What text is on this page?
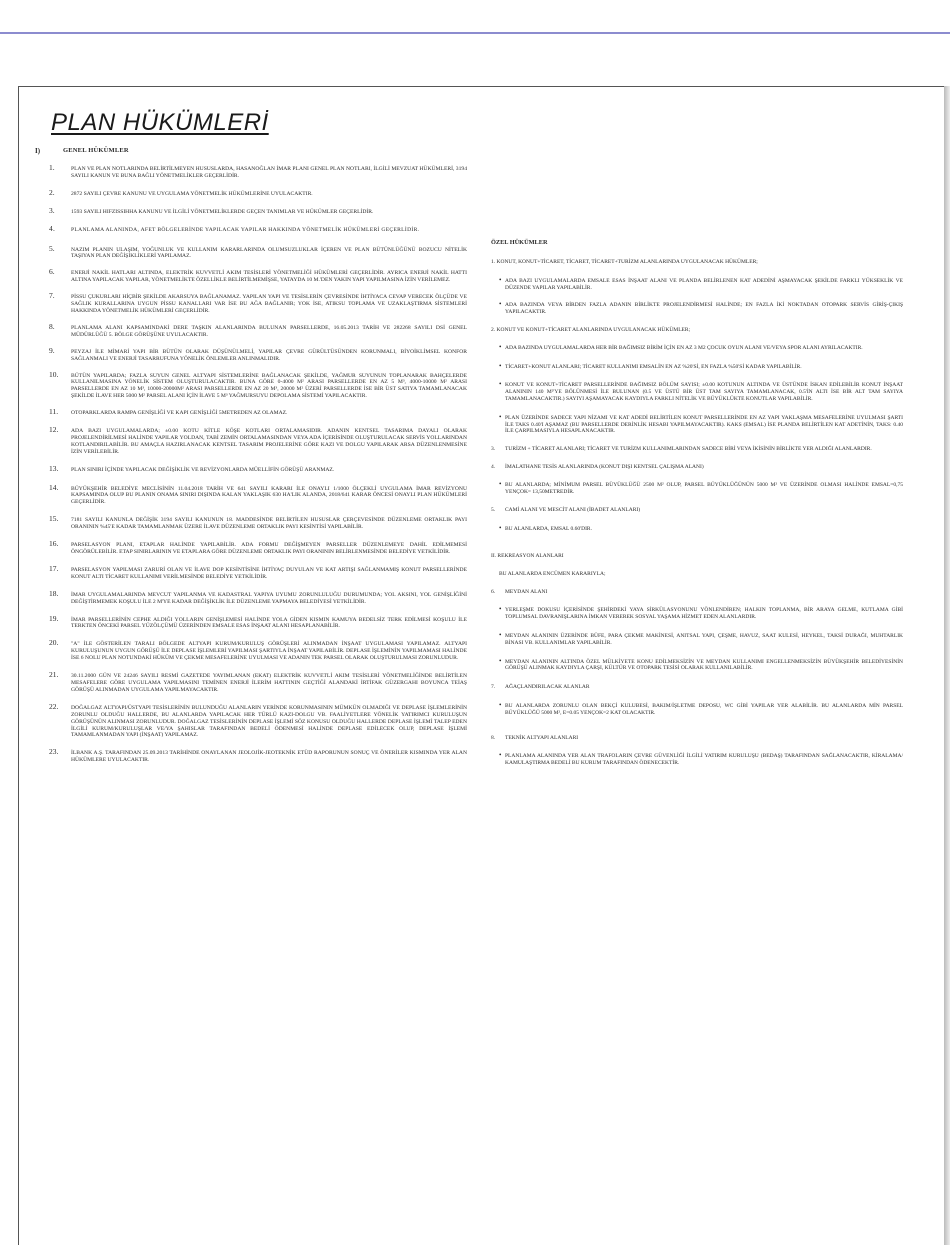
PLAN HÜKÜMLERİ
I)	GENEL HÜKÜMLER
1.	PLAN VE PLAN NOTLARINDA BELİRTİLMEYEN HUSUSLARDA, HASANOĞLAN İMAR PLANI GENEL PLAN NOTLARI, İLGİLİ MEVZUAT HÜKÜMLERİ, 3194 SAYILI KANUN VE BUNA BAĞLI YÖNETMELİKLER GEÇERLİDİR.
2.	2872 SAYILI ÇEVRE KANUNU VE UYGULAMA YÖNETMELİK HÜKÜMLERİNE UYULACAKTIR.
3.	1593 SAYILI HIFZISSIHHA KANUNU VE İLGİLİ YÖNETMELİKLERDE GEÇEN TANIMLAR VE HÜKÜMLER GEÇERLİDİR.
4.	PLANLAMA ALANINDA, AFET BÖLGELERİNDE YAPILACAK YAPILAR HAKKINDA YÖNETMELİK HÜKÜMLERİ GEÇERLİDİR.
5.	NAZIM PLANIN ULAŞIM, YOĞUNLUK VE KULLANIM KARARLARINDA OLUMSUZLUKLAR İÇEREN VE PLAN BÜTÜNLÜĞÜNÜ BOZUCU NİTELİK TAŞIYAN PLAN DEĞİŞİKLİKLERİ YAPILAMAZ.
6.	ENERJİ NAKİL HATLARI ALTINDA, ELEKTRİK KUVVETLİ AKIM TESİSLERİ YÖNETMELİĞİ HÜKÜMLERİ GEÇERLİDİR. AYRICA ENERJİ NAKİL HATTI ALTINA YAPILACAK YAPILAR, YÖNETMELİKTE ÖZELLİKLE BELİRTİLMEMİŞSE, YATAYDA 10 M.'DEN YAKIN YAPI YAPILMASINA İZİN VERİLEMEZ.
7.	PİSSU ÇUKURLARI HİÇBİR ŞEKİLDE AKARSUYA BAĞLANAMAZ. YAPILAN YAPI VE TESİSLERİN ÇEVRESİNDE İHTİYACA CEVAP VERECEK ÖLÇÜDE VE SAĞLIK KURALLARINA UYGUN PİSSU KANALLARI VAR İSE BU AĞA BAĞLANIR; YOK İSE, ATIKSU TOPLAMA VE UZAKLAŞTIRMA SİSTEMLERİ HAKKINDA YÖNETMELİK HÜKÜMLERİ GEÇERLİDİR.
8.	PLANLAMA ALANI KAPSAMINDAKİ DERE TAŞKIN ALANLARINDA BULUNAN PARSELLERDE, 16.05.2013 TARİH VE 282268 SAYILI DSİ GENEL MÜDÜRLÜĞÜ 5. BÖLGE GÖRÜŞÜNE UYULACAKTIR.
9.	PEYZAJ İLE MİMARİ YAPI BİR BÜTÜN OLARAK DÜŞÜNÜLMELİ, YAPILAR ÇEVRE GÜRÜLTÜSÜNDEN KORUNMALI, BİYOİKLİMSEL KONFOR SAĞLANMALI VE ENERJİ TASARRUFUNA YÖNELİK ÖNLEMLER ANLINMALIDIR.
10. BÜTÜN YAPILARDA; FAZLA SUYUN GENEL ALTYAPI SİSTEMLERİNE BAĞLANACAK ŞEKİLDE, YAĞMUR SUYUNUN TOPLANARAK BAHÇELERDE KULLANILMASINA YÖNELİK SİSTEM OLUŞTURULACAKTIR. BUNA GÖRE 0-4000 M² ARASI PARSELLERDE EN AZ 5 M³, 4000-10000 M² ARASI PARSELLERDE EN AZ 10 M³, 10000-20000M² ARASI PARSELLERDE EN AZ 20 M³, 20000 M² ÜZERİ PARSELLERDE İSE BİR ÜST SATIYA TAMAMLANACAK ŞEKİLDE İLAVE HER 5000 M² PARSEL ALANI İÇİN İLAVE 5 M³ YAĞMURSUYU DEPOLAMA SİSTEMİ YAPILACAKTIR.
11. OTOPARKLARDA RAMPA GENİŞLİĞİ VE KAPI GENİŞLİĞİ 5METREDEN AZ OLAMAZ.
12. ADA BAZI UYGULAMALARDA; ±0.00 KOTU KİTLE KÖŞE KOTLARI ORTALAMASIDIR. ADANIN KENTSEL TASARIMA DAYALI OLARAK PROJELENDİRİLMESİ HALİNDE YAPILAR YOLDAN, TABİ ZEMİN ORTALAMASINDAN VEYA ADA İÇERİSİNDE OLUŞTURULACAK SERVİS YOLLARINDAN KOTLANDIRILABİLİR. BU AMAÇLA HAZIRLANACAK KENTSEL TASARIM PROJELERİNE GÖRE KAZI VE DOLGU YAPILARAK ARSA DÜZENLENMESİNE İZİN VERİLEBİLİR.
13. PLAN SINIRI İÇİNDE YAPILACAK DEĞİŞİKLİK VE REVİZYONLARDA MÜELLİFİN GÖRÜŞÜ ARANMAZ.
14. BÜYÜKŞEHİR BELEDİYE MECLİSİNİN 11.04.2018 TARİH VE 641 SAYILI KARARI İLE ONAYLI 1/1000 ÖLÇEKLİ UYGULAMA İMAR REVİZYONU KAPSAMINDA OLUP BU PLANIN ONAMA SINIRI DIŞINDA KALAN YAKLAŞIK 630 HA'LIK ALANDA, 2018/641 KARAR ÖNCESİ ONAYLI PLAN HÜKÜMLERİ GEÇERLİDİR.
15. 7181 SAYILI KANUNLA DEĞİŞİK 3194 SAYILI KANUNUN 18. MADDESİNDE BELİRTİLEN HUSUSLAR ÇERÇEVESİNDE DÜZENLEME ORTAKLIK PAYI ORANININ %45'E KADAR TAMAMLANMAK ÜZERE İLAVE DÜZENLEME ORTAKLIK PAYI KESİNTİSİ YAPILABİLİR.
16. PARSELASYON PLANI, ETAPLAR HALİNDE YAPILABİLİR. ADA FORMU DEĞİŞMEYEN PARSELLER DÜZENLEMEYE DAHİL EDİLMEMESİ ÖNGÖRÜLEBİLİR. ETAP SINIRLARININ VE ETAPLARA GÖRE DÜZENLEME ORTAKLIK PAYI ORANININ BELİRLENMESİNDE BELEDİYE YETKİLİDİR.
17. PARSELASYON YAPILMASI ZARURİ OLAN VE İLAVE DOP KESİNTİSİNE İHTİYAÇ DUYULAN VE KAT ARTIŞI SAĞLANMAMIŞ KONUT PARSELLERİNDE KONUT ALTI TİCARET KULLANIMI VERİLMESİNDE BELEDİYE YETKİLİDİR.
18. İMAR UYGULAMALARINDA MEVCUT YAPILANMA VE KADASTRAL YAPIYA UYUMU ZORUNLULUĞU DURUMUNDA; YOL AKSINI, YOL GENİŞLİĞİNİ DEĞİŞTİRMEMEK KOŞULU İLE 2 M'YE KADAR DEĞİŞİKLİK İLE DÜZENLEME YAPMAYA BELEDİYESİ YETKİLİDİR.
19. İMAR PARSELLERİNİN CEPHE ALDIĞI YOLLARIN GENİŞLEMESİ HALİNDE YOLA GİDEN KISMIN KAMUYA BEDELSİZ TERK EDİLMESİ KOŞULU İLE TERKTEN ÖNCEKİ PARSEL YÜZÖLÇÜMÜ ÜZERİNDEN EMSALE ESAS İNŞAAT ALANI HESAPLANABİLİR.
20. "A" İLE GÖSTERİLEN TARALI BÖLGEDE ALTYAPI KURUM/KURULUŞ GÖRÜŞLERİ ALINMADAN İNŞAAT UYGULAMASI YAPILAMAZ. ALTYAPI KURULUŞUNUN UYGUN GÖRÜŞÜ İLE DEPLASE İŞLEMLERİ YAPILMASI ŞARTIYLA İNŞAAT YAPILABİLİR. DEPLASE İŞLEMİNİN YAPILMAMASI HALİNDE İSE 6 NOLU PLAN NOTUNDAKİ HÜKÜM VE ÇEKME MESAFELERİNE UYULMASI VE ADANIN TEK PARSEL OLARAK OLUŞTURULMASI ZORUNLUDUR.
21. 30.11.2000 GÜN VE 24246 SAYILI RESMİ GAZETEDE YAYIMLANAN (EKAT) ELEKTRİK KUVVETLİ AKIM TESİSLERİ YÖNETMELİĞİNDE BELİRTİLEN MESAFELERE GÖRE UYGULAMA YAPILMASINI TEMİNEN ENERJİ İLERİM HATTININ GEÇTİĞİ ALANDAKİ İRTİFAK GÜZERGAHI BOYUNCA TEİAŞ GÖRÜŞÜ ALINMADAN UYGULAMA YAPILMAYACAKTIR.
22. DOĞALGAZ ALTYAPI/ÜSTYAPI TESİSLERİNİN BULUNDUĞU ALANLARIN YERİNDE KORUNMASININ MÜMKÜN OLMADIĞI VE DEPLASE İŞLEMLERİNİN ZORUNLU OLDUĞU HALLERDE, BU ALANLARDA YAPILACAK HER TÜRLÜ KAZI-DOLGU VB. FAALİYETLERE YÖNELİK YATIRIMCI KURULUŞUN GÖRÜŞÜNÜN ALINMASI ZORUNLUDUR. DOĞALGAZ TESİSLERİNİN DEPLASE İŞLEMİ SÖZ KONUSU OLDUĞU HALLERDE DEPLASE İŞLEMİ TALEP EDEN İLGİLİ KURUM/KURULUŞLAR VE/YA ŞAHISLAR TARAFINDAN BEDELİ ÖDENMESİ HALİNDE DEPLASE EDİLECEK OLUP, DEPLASE İŞLEMİ TAMAMLANMADAN YAPI (İNŞAAT) YAPILAMAZ.
23. İLBANK A.Ş. TARAFINDAN 25.09.2013 TARİHİNDE ONAYLANAN JEOLOJİK-JEOTEKNİK ETÜD RAPORUNUN SONUÇ VE ÖNERİLER KISMINDA YER ALAN HÜKÜMLERE UYULACAKTIR.
ÖZEL HÜKÜMLER
1. KONUT, KONUT+TİCARET, TİCARET, TİCARET+TURİZM ALANLARINDA UYGULANACAK HÜKÜMLER;
• ADA BAZI UYGULAMALARDA EMSALE ESAS İNŞAAT ALANI VE PLANDA BELİRLENEN KAT ADEDİNİ AŞMAYACAK ŞEKİLDE FARKLI YÜKSEKLİK VE DÜZENDE YAPILAR YAPILABİLİR.
• ADA BAZINDA VEYA BİRDEN FAZLA ADANIN BİRLİKTE PROJELENDİRMESİ HALİNDE; EN FAZLA İKİ NOKTADAN OTOPARK SERVİS GİRİŞ-ÇIKIŞ YAPILACAKTIR.
2. KONUT VE KONUT+TİCARET ALANLARINDA UYGULANACAK HÜKÜMLER;
• ADA BAZINDA UYGULAMALARDA HER BİR BAĞIMSIZ BİRİM İÇİN EN AZ 3 M2 ÇOCUK OYUN ALANI VE/VEYA SPOR ALANI AYRILACAKTIR.
• TİCARET+KONUT ALANLARI; TİCARET KULLANIMI EMSALİN EN AZ %20'Sİ, EN FAZLA %50'Sİ KADAR YAPILABİLİR.
• KONUT VE KONUT+TİCARET PARSELLERİNDE BAĞIMSIZ BÖLÜM SAYISI; ±0.00 KOTUNUN ALTINDA VE ÜSTÜNDE İSKAN EDİLEBİLİR KONUT İNŞAAT ALANININ 140 M²'YE BÖLÜNMESİ İLE BULUNAN (0.5 VE ÜSTÜ BİR ÜST TAM SAYIYA TAMAMLANACAK, 0.5'İN ALTI İSE BİR ALT TAM SAYIYA TAMAMLANACAKTIR.) SAYIYI AŞAMAYACAK KAYDIYLA FARKLI NİTELİK VE BÜYÜKLÜKTE KONUTLAR YAPILABİLİR.
• PLAN ÜZERİNDE SADECE YAPI NİZAMI VE KAT ADEDİ BELİRTİLEN KONUT PARSELLERİNDE EN AZ YAPI YAKLAŞMA MESAFELERİNE UYULMASI ŞARTI İLE TAKS 0.40'I AŞAMAZ (BU PARSELLERDE DERİNLİK HESABI YAPILMAYACAKTIR). KAKS (EMSAL) İSE PLANDA BELİRTİLEN KAT ADETİNİN, TAKS: 0.40 İLE ÇARPILMASIYLA HESAPLANACAKTIR.
3. TURİZM + TİCARET ALANLARI; TİCARET VE TURİZM KULLANIMLARINDAN SADECE BİRİ VEYA İKİSİNİN BİRLİKTE YER ALDIĞI ALANLARDIR.
4. İMALATHANE TESİS ALANLARINDA (KONUT DIŞI KENTSEL ÇALIŞMA ALANI)
• BU ALANLARDA; MİNİMUM PARSEL BÜYÜKLÜĞÜ 2500 M² OLUP, PARSEL BÜYÜKLÜĞÜNÜN 5000 M² VE ÜZERİNDE OLMASI HALİNDE EMSAL=0,75 YENÇOK= 13,50METREDİR.
5. CAMİ ALANI VE MESCİT ALANI (İBADET ALANLARI)
• BU ALANLARDA, EMSAL 0.60'DIR.
II. REKREASYON ALANLARI
BU ALANLARDA ENCÜMEN KARARIYLA;
6. MEYDAN ALANI
• YERLEŞME DOKUSU İÇERİSİNDE ŞEHİRDEKİ YAYA SİRKÜLASYONUNU YÖNLENDİREN; HALKIN TOPLANMA, BİR ARAYA GELME, KUTLAMA GİBİ TOPLUMSAL DAVRANIŞLARINA İMKAN VEREREK SOSYAL YAŞAMA HİZMET EDEN ALANLARDIR.
• MEYDAN ALANININ ÜZERİNDE BÜFE, PARA ÇEKME MAKİNESİ, ANITSAL YAPI, ÇEŞME, HAVUZ, SAAT KULESİ, HEYKEL, TAKSİ DURAĞI, MUHTARLIK BİNASI VB. KULLANIMLAR YAPILABİLİR.
• MEYDAN ALANININ ALTINDA ÖZEL MÜLKİYETE KONU EDİLMEKSİZİN VE MEYDAN KULLANIMI ENGELLENMEKSİZİN BÜYÜKŞEHİR BELEDİYESİNİN GÖRÜŞÜ ALINMAK KAYDIYLA ÇARŞI, KÜLTÜR VE OTOPARK TESİSİ OLARAK KULLANILABİLİR.
7. AĞAÇLANDIRILACAK ALANLAR
• BU ALANLARDA ZORUNLU OLAN BEKÇİ KULUBESİ, BAKIM/İŞLETME DEPOSU, WC GİBİ YAPILAR YER ALABİLİR. BU ALANLARDA MİN PARSEL BÜYÜKLÜĞÜ 5000 M², E=0.05 YENÇOK=2 KAT OLACAKTIR.
8. TEKNİK ALTYAPI ALANLARI
• PLANLAMA ALANINDA YER ALAN TRAFOLARIN ÇEVRE GÜVENLİĞİ İLGİLİ YATIRIM KURULUŞU (BEDAŞ) TARAFINDAN SAĞLANACAKTIR, KİRALAMA/ KAMULAŞTIRMA BEDELİ BU KURUM TARAFINDAN ÖDENECEKTİR.
